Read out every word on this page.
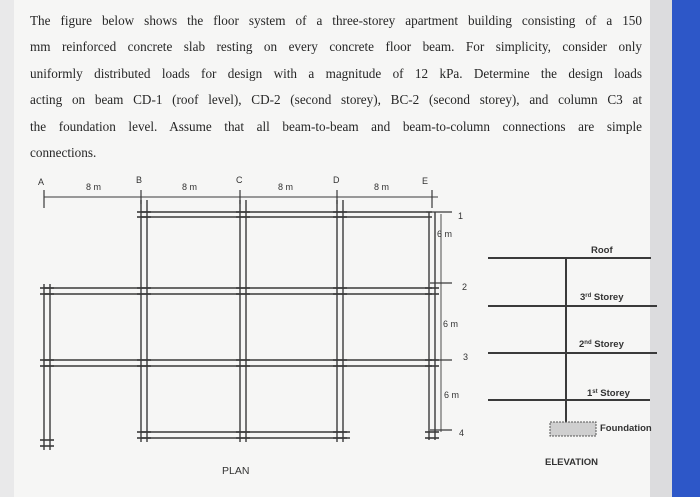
The figure below shows the floor system of a three-storey apartment building consisting of a 150
mm reinforced concrete slab resting on every concrete floor beam. For simplicity, consider only
uniformly distributed loads for design with a magnitude of 12 kPa. Determine the design loads
acting on beam CD-1 (roof level), CD-2 (second storey), BC-2 (second storey), and column C3 at
the foundation level. Assume that all beam-to-beam and beam-to-column connections are simple
connections.
A	B	C	D	E
8 m	8 m	8 m	8 m
1
2
3
4
6 m
6 m
6 m
PLAN
Roof
3rd Storey
2nd Storey
1st Storey
Foundation
ELEVATION
